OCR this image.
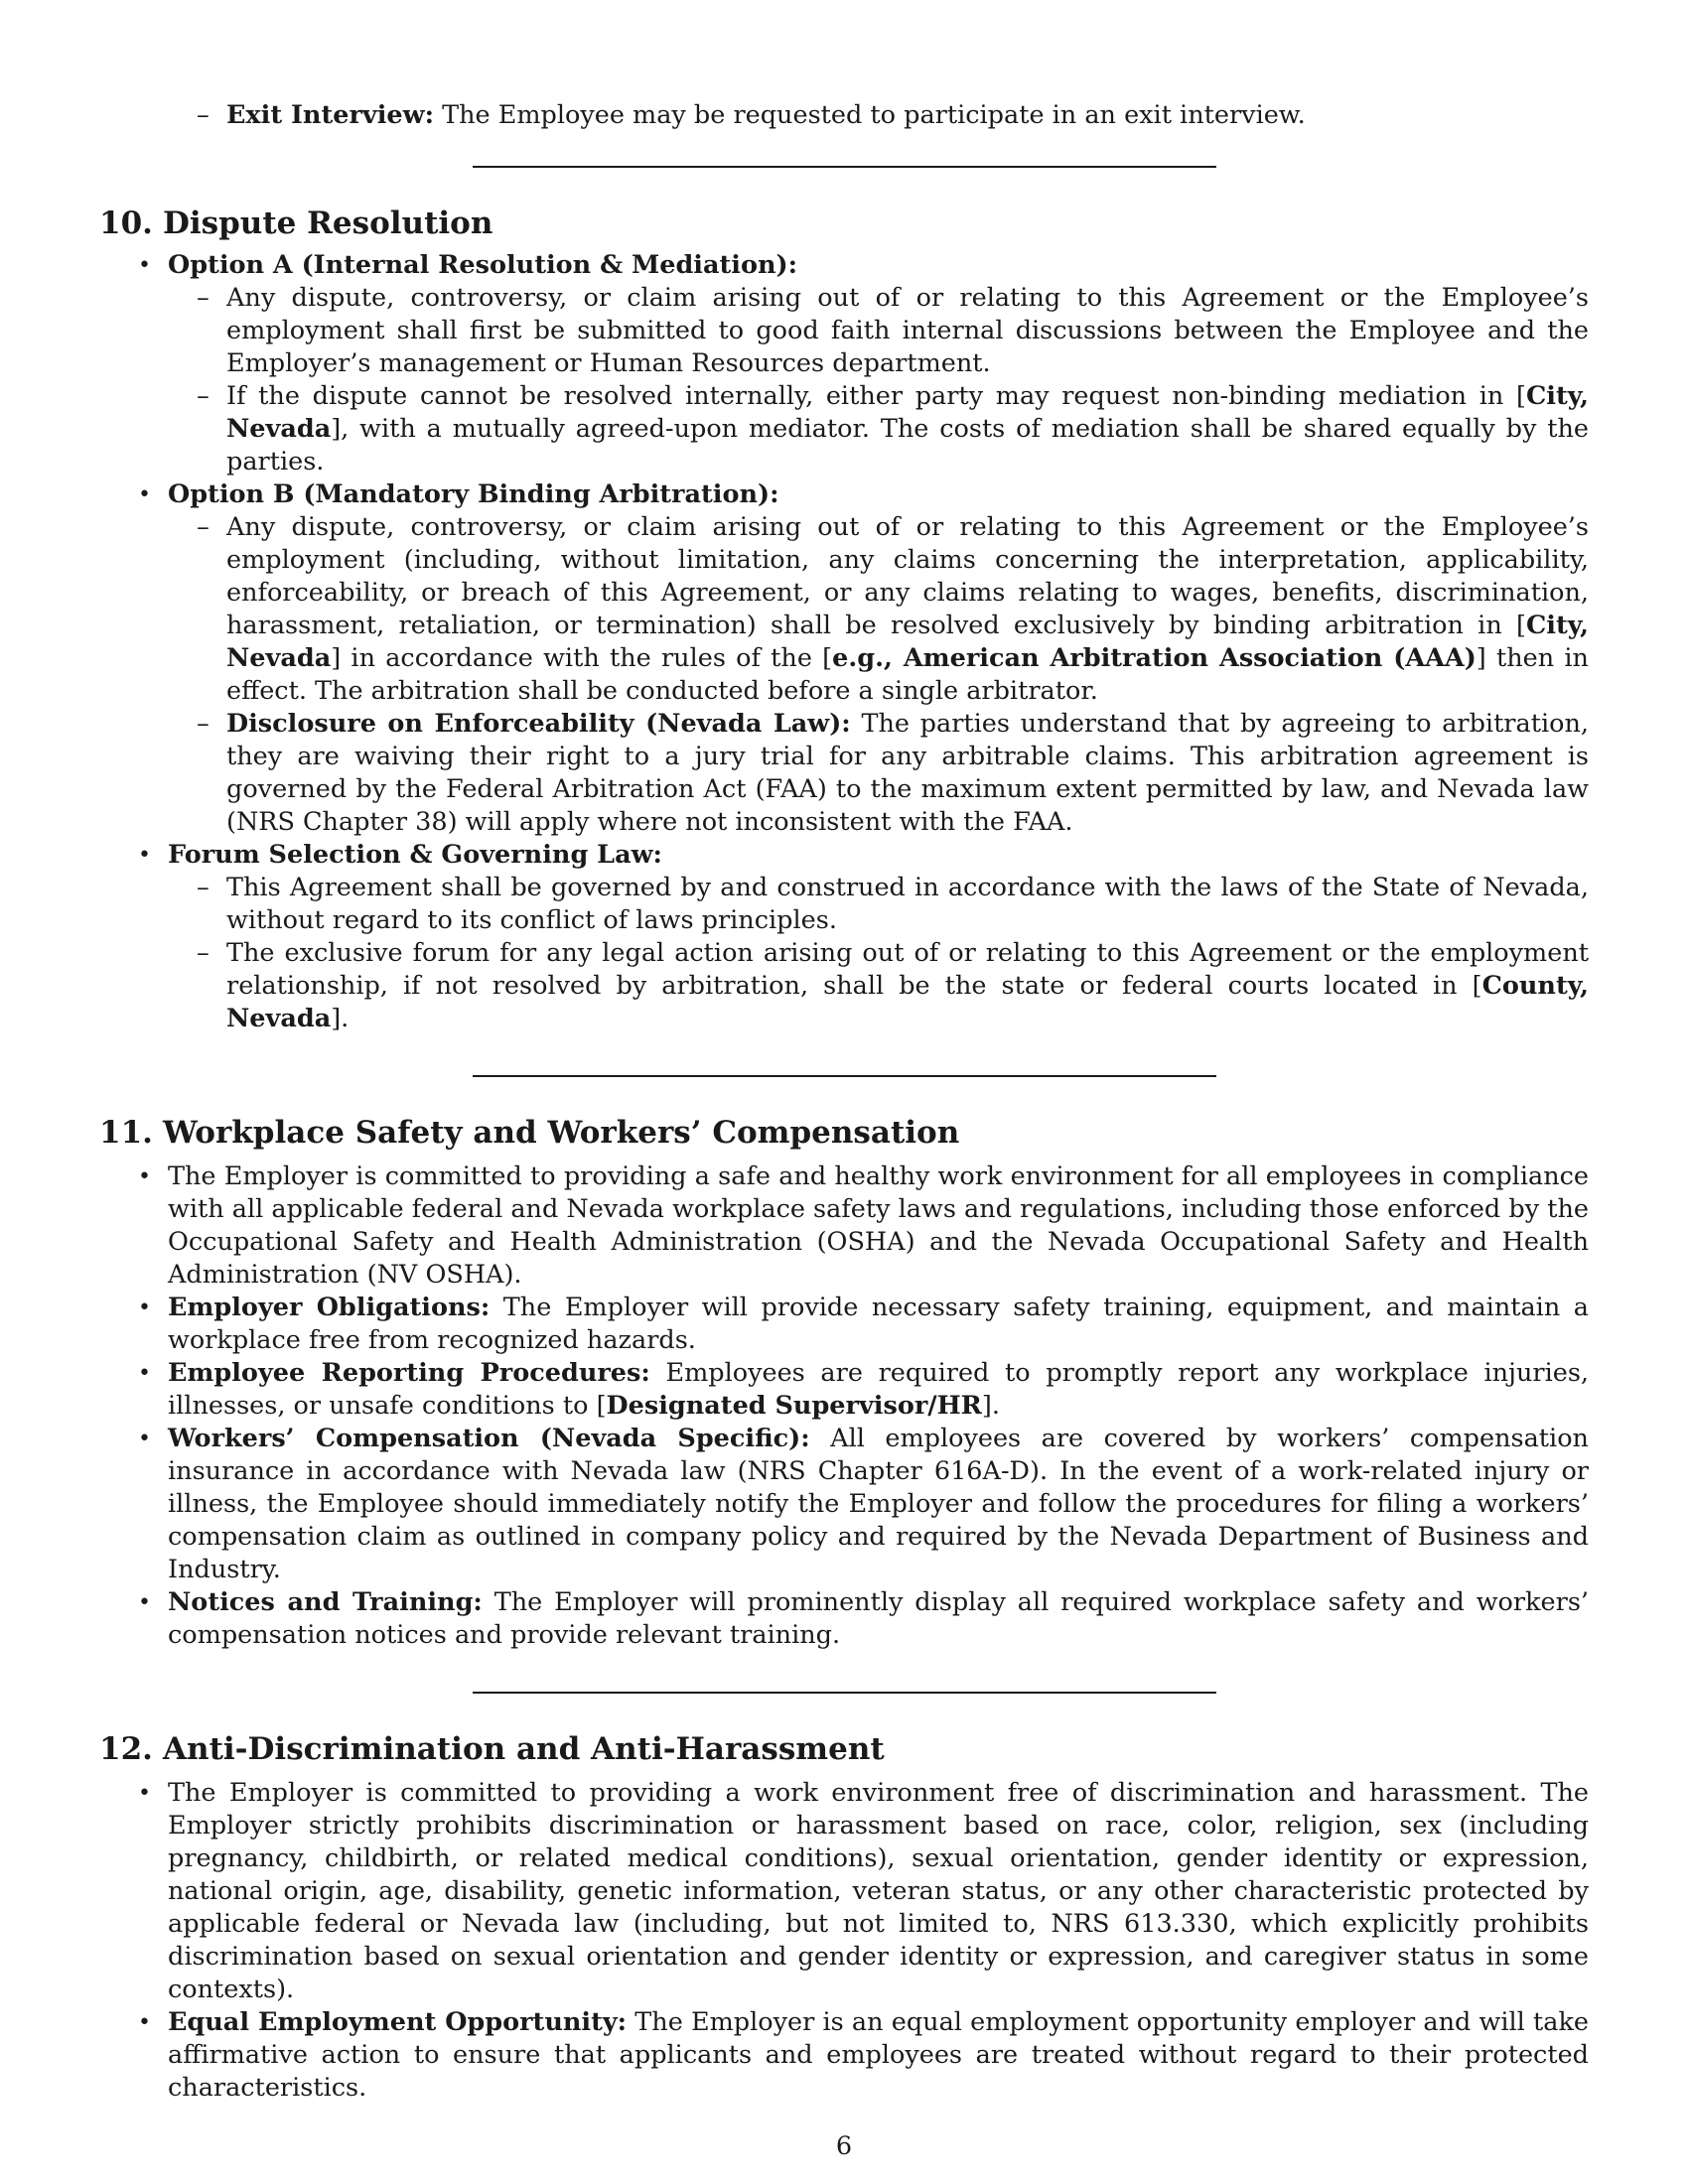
– Exit Interview: The Employee may be requested to participate in an exit interview.
10. Dispute Resolution
• Option A (Internal Resolution & Mediation):
– Any dispute, controversy, or claim arising out of or relating to this Agreement or the Employee’s employment shall first be submitted to good faith internal discussions between the Employee and the Employer’s management or Human Resources department.
– If the dispute cannot be resolved internally, either party may request non-binding mediation in [City, Nevada], with a mutually agreed-upon mediator. The costs of mediation shall be shared equally by the parties.
• Option B (Mandatory Binding Arbitration):
– Any dispute, controversy, or claim arising out of or relating to this Agreement or the Employee’s employment (including, without limitation, any claims concerning the interpretation, applicability, enforceability, or breach of this Agreement, or any claims relating to wages, benefits, discrimination, harassment, retaliation, or termination) shall be resolved exclusively by binding arbitration in [City, Nevada] in accordance with the rules of the [e.g., American Arbitration Association (AAA)] then in effect. The arbitration shall be conducted before a single arbitrator.
– Disclosure on Enforceability (Nevada Law): The parties understand that by agreeing to arbitration, they are waiving their right to a jury trial for any arbitrable claims. This arbitration agreement is governed by the Federal Arbitration Act (FAA) to the maximum extent permitted by law, and Nevada law (NRS Chapter 38) will apply where not inconsistent with the FAA.
• Forum Selection & Governing Law:
– This Agreement shall be governed by and construed in accordance with the laws of the State of Nevada, without regard to its conflict of laws principles.
– The exclusive forum for any legal action arising out of or relating to this Agreement or the employment relationship, if not resolved by arbitration, shall be the state or federal courts located in [County, Nevada].
11. Workplace Safety and Workers’ Compensation
• The Employer is committed to providing a safe and healthy work environment for all employees in compliance with all applicable federal and Nevada workplace safety laws and regulations, including those enforced by the Occupational Safety and Health Administration (OSHA) and the Nevada Occupational Safety and Health Administration (NV OSHA).
• Employer Obligations: The Employer will provide necessary safety training, equipment, and maintain a workplace free from recognized hazards.
• Employee Reporting Procedures: Employees are required to promptly report any workplace injuries, illnesses, or unsafe conditions to [Designated Supervisor/HR].
• Workers’ Compensation (Nevada Specific): All employees are covered by workers’ compensation insurance in accordance with Nevada law (NRS Chapter 616A-D). In the event of a work-related injury or illness, the Employee should immediately notify the Employer and follow the procedures for filing a workers’ compensation claim as outlined in company policy and required by the Nevada Department of Business and Industry.
• Notices and Training: The Employer will prominently display all required workplace safety and workers’ compensation notices and provide relevant training.
12. Anti-Discrimination and Anti-Harassment
• The Employer is committed to providing a work environment free of discrimination and harassment. The Employer strictly prohibits discrimination or harassment based on race, color, religion, sex (including pregnancy, childbirth, or related medical conditions), sexual orientation, gender identity or expression, national origin, age, disability, genetic information, veteran status, or any other characteristic protected by applicable federal or Nevada law (including, but not limited to, NRS 613.330, which explicitly prohibits discrimination based on sexual orientation and gender identity or expression, and caregiver status in some contexts).
• Equal Employment Opportunity: The Employer is an equal employment opportunity employer and will take affirmative action to ensure that applicants and employees are treated without regard to their protected characteristics.
6
